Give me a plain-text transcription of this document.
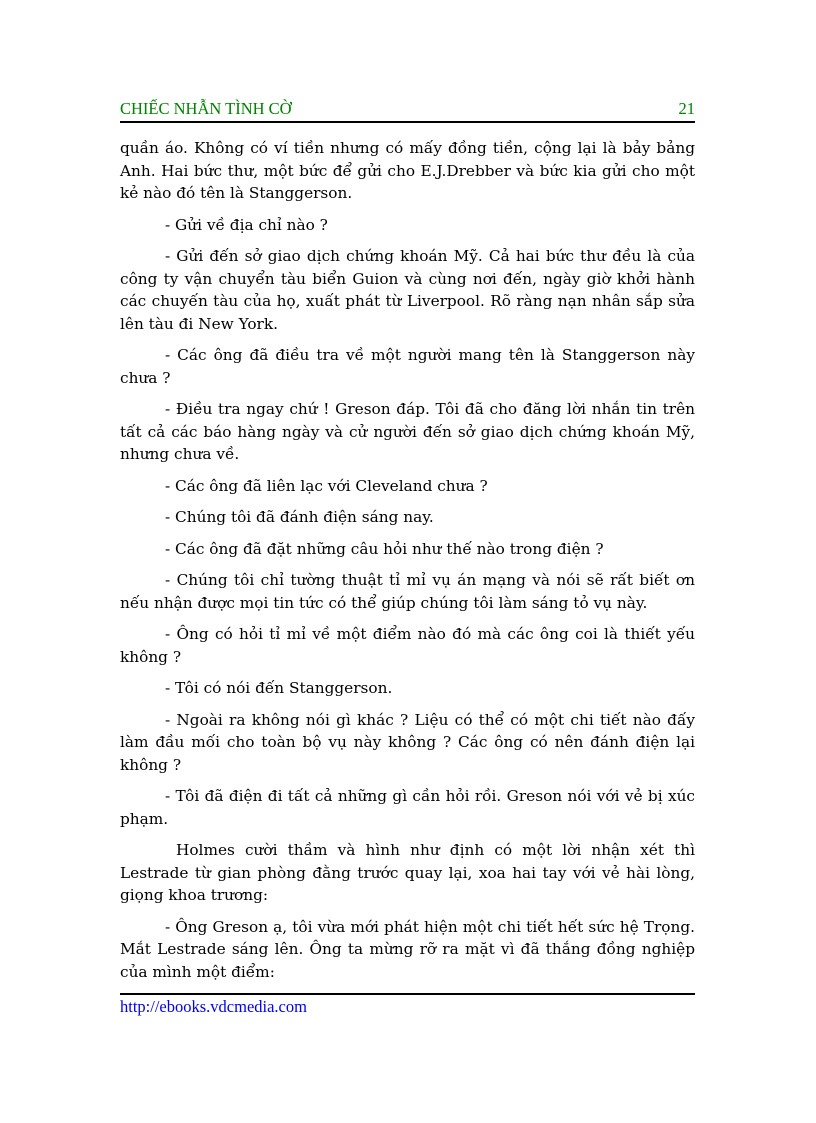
CHIẾC NHẪN TÌNH CỜ	21

quần áo. Không có ví tiền nhưng có mấy đồng tiền, cộng lại là bảy bảng Anh. Hai bức thư, một bức để gửi cho E.J.Drebber và bức kia gửi cho một kẻ nào đó tên là Stanggerson.

- Gửi về địa chỉ nào ?

- Gửi đến sở giao dịch chứng khoán Mỹ. Cả hai bức thư đều là của công ty vận chuyển tàu biển Guion và cùng nơi đến, ngày giờ khởi hành các chuyến tàu của họ, xuất phát từ Liverpool. Rõ ràng nạn nhân sắp sửa lên tàu đi New York.

- Các ông đã điều tra về một người mang tên là Stanggerson này chưa ?

- Điều tra ngay chứ ! Greson đáp. Tôi đã cho đăng lời nhắn tin trên tất cả các báo hàng ngày và cử người đến sở giao dịch chứng khoán Mỹ, nhưng chưa về.

- Các ông đã liên lạc với Cleveland chưa ?

- Chúng tôi đã đánh điện sáng nay.

- Các ông đã đặt những câu hỏi như thế nào trong điện ?

- Chúng tôi chỉ tường thuật tỉ mỉ vụ án mạng và nói sẽ rất biết ơn nếu nhận được mọi tin tức có thể giúp chúng tôi làm sáng tỏ vụ này.

- Ông có hỏi tỉ mỉ về một điểm nào đó mà các ông coi là thiết yếu không ?

- Tôi có nói đến Stanggerson.

- Ngoài ra không nói gì khác ? Liệu có thể có một chi tiết nào đấy làm đầu mối cho toàn bộ vụ này không ? Các ông có nên đánh điện lại không ?

- Tôi đã điện đi tất cả những gì cần hỏi rồi. Greson nói với vẻ bị xúc phạm.

Holmes cười thầm và hình như định có một lời nhận xét thì Lestrade từ gian phòng đằng trước quay lại, xoa hai tay với vẻ hài lòng, giọng khoa trương:

- Ông Greson ạ, tôi vừa mới phát hiện một chi tiết hết sức hệ Trọng. Mắt Lestrade sáng lên. Ông ta mừng rỡ ra mặt vì đã thắng đồng nghiệp của mình một điểm:

http://ebooks.vdcmedia.com
